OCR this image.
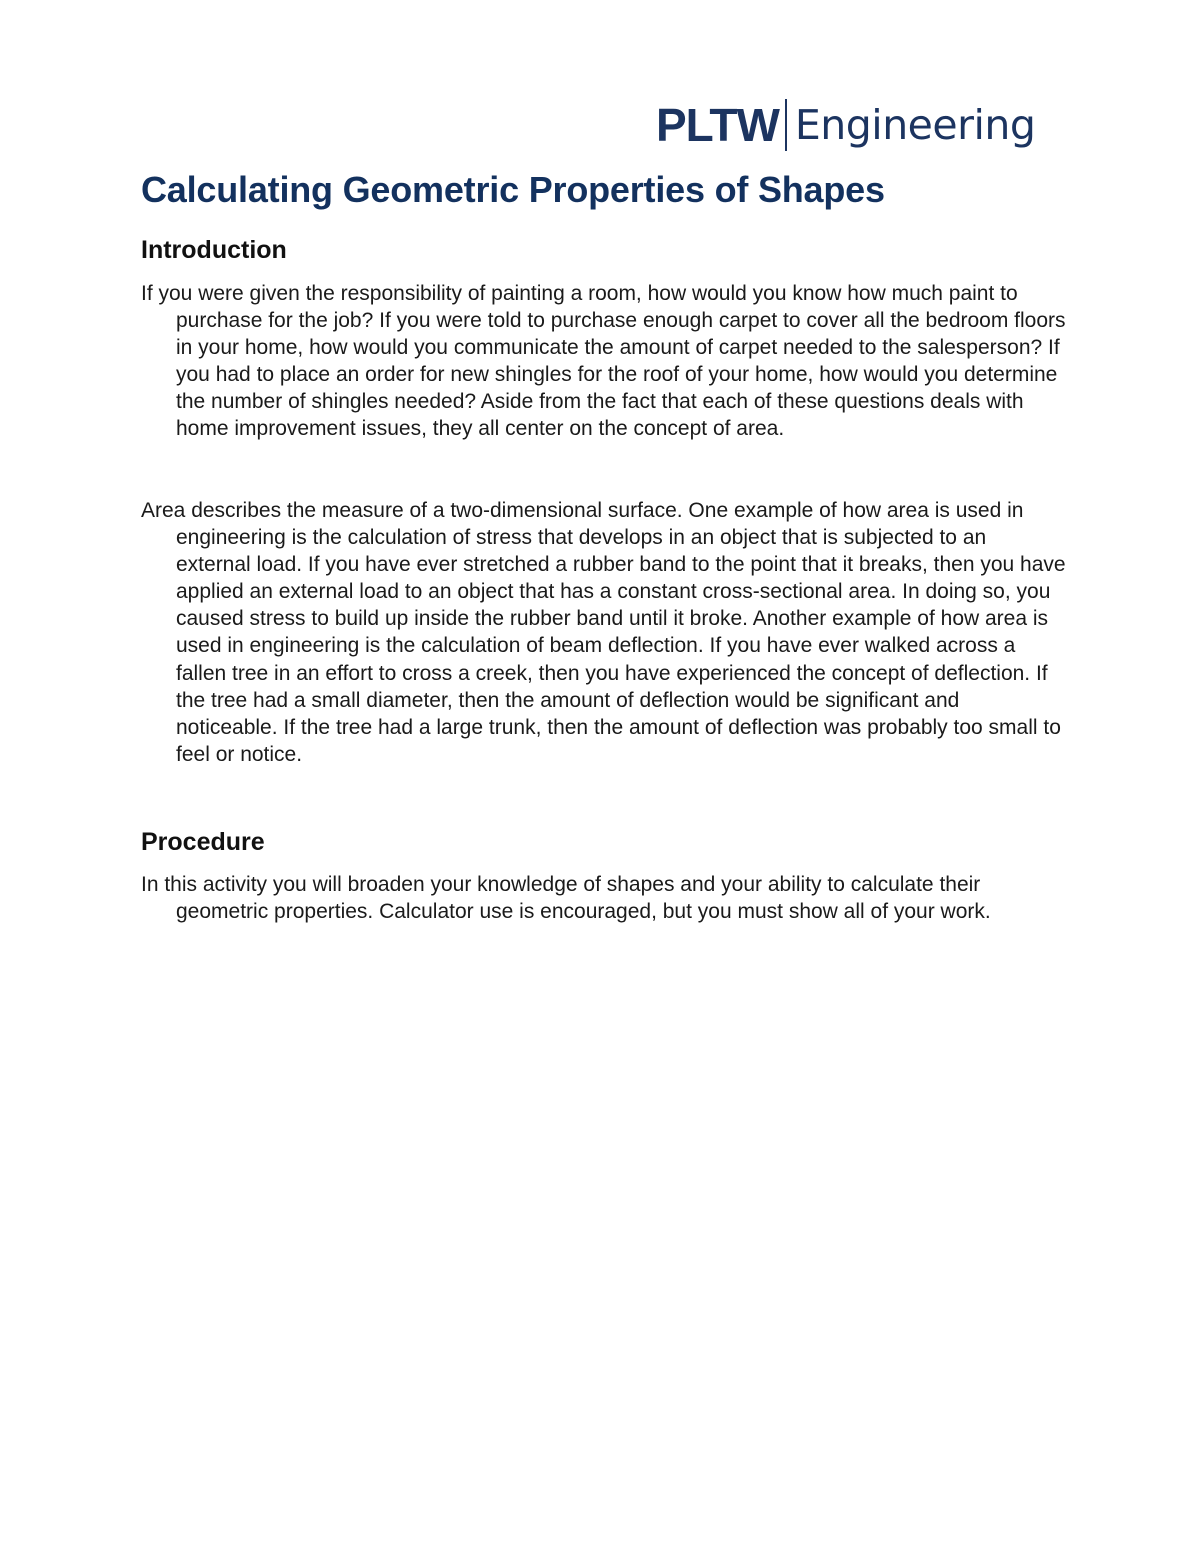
PLTW Engineering
Calculating Geometric Properties of Shapes
Introduction

If you were given the responsibility of painting a room, how would you know how much paint to purchase for the job? If you were told to purchase enough carpet to cover all the bedroom floors in your home, how would you communicate the amount of carpet needed to the salesperson? If you had to place an order for new shingles for the roof of your home, how would you determine the number of shingles needed? Aside from the fact that each of these questions deals with home improvement issues, they all center on the concept of area.

Area describes the measure of a two-dimensional surface. One example of how area is used in engineering is the calculation of stress that develops in an object that is subjected to an external load. If you have ever stretched a rubber band to the point that it breaks, then you have applied an external load to an object that has a constant cross-sectional area. In doing so, you caused stress to build up inside the rubber band until it broke. Another example of how area is used in engineering is the calculation of beam deflection. If you have ever walked across a fallen tree in an effort to cross a creek, then you have experienced the concept of deflection. If the tree had a small diameter, then the amount of deflection would be significant and noticeable. If the tree had a large trunk, then the amount of deflection was probably too small to feel or notice.

Procedure

In this activity you will broaden your knowledge of shapes and your ability to calculate their geometric properties. Calculator use is encouraged, but you must show all of your work.
